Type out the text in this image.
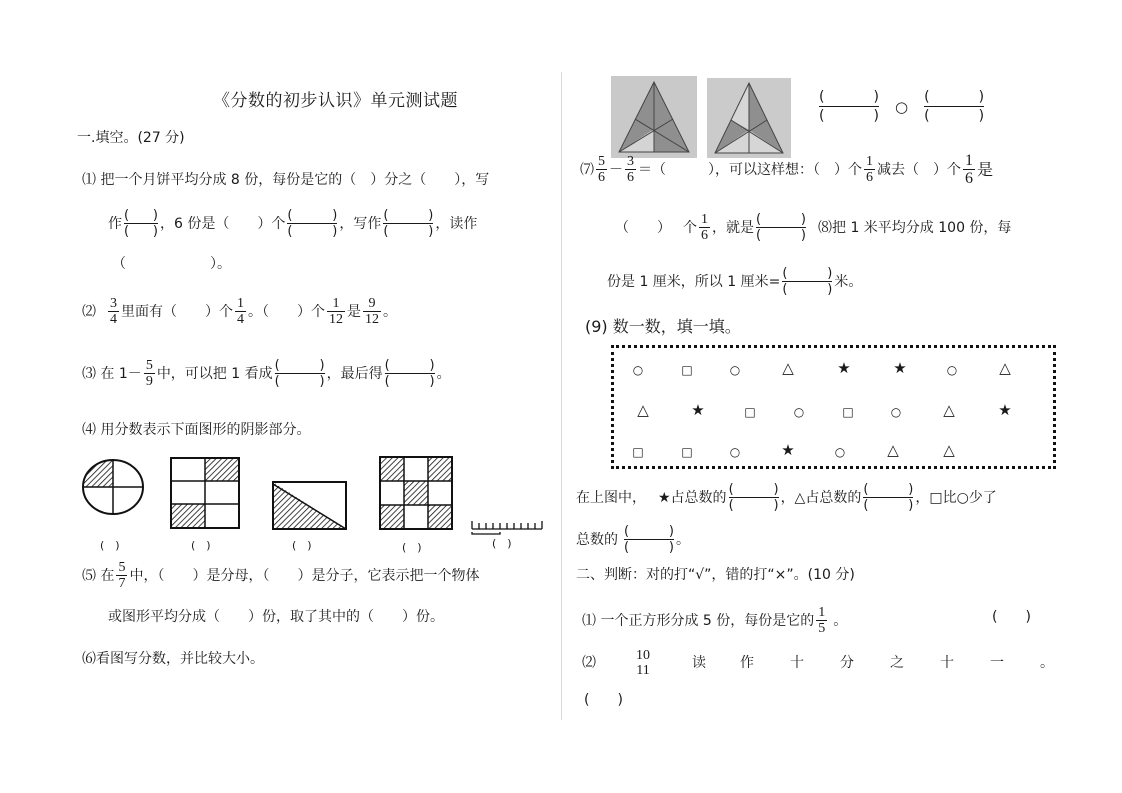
《分数的初步认识》单元测试题
一.填空。(27 分)
⑴ 把一个月饼平均分成 8 份，每份是它的（　）分之（　　），写
作 ( )
( ) ，6 份是（　　）个 (	)
(	) ，写作 (	)
(	) ，读作
（　　　　　　）。
⑵ $\frac{3}{4}$ 里面有（　　）个 $\frac{1}{4}$ 。（　　）个 $\frac{1}{12}$ 是 $\frac{9}{12}$ 。
⑶ 在 $1- \frac{5}{9}$ 中，可以把 1 看成 (	)
(	) ，最后得 (	)
(	) 。
⑷ 用分数表示下面图形的阴影部分。
(　)	(　)	(　)	(　)	(　)
⑸ 在 $\frac{5}{7}$ 中，（　　）是分母，（　　）是分子，它表示把一个物体
或图形平均分成（　　）份，取了其中的（　　）份。
⑹看图写分数，并比较大小。
(	)
(	)
○
(	)
(	)
⑺ $\frac{5}{6} - \frac{3}{6}$ ＝（　　　），可以这样想：（　）个 $\frac{1}{6}$ 减去（　）个 $\frac{1}{6}$ 是
（　　） 个 $\frac{1}{6}$ ，就是 (	)
(	) ⑻把 1 米平均分成 100 份，每
份是 1 厘米，所以 1 厘米= (	)
(	) 米。
(9) 数一数，填一填。
○	□	○	△	★	★	○	△
△	★	□	○	□	○	△	★
□	□	○	★	○	△	△
在上图中， ★占总数的 (	)
(	) ，△占总数的 (	)
(	) ，□比○少了
总数的 (	)
(	) 。
二、判断：对的打“√”，错的打“×”。(10 分)
⑴ 一个正方形分成 5 份，每份是它的 $\frac{1}{5}$ 。	(　　)
⑵	10
11	读	作	十	分	之	十	一	。
(　　)
